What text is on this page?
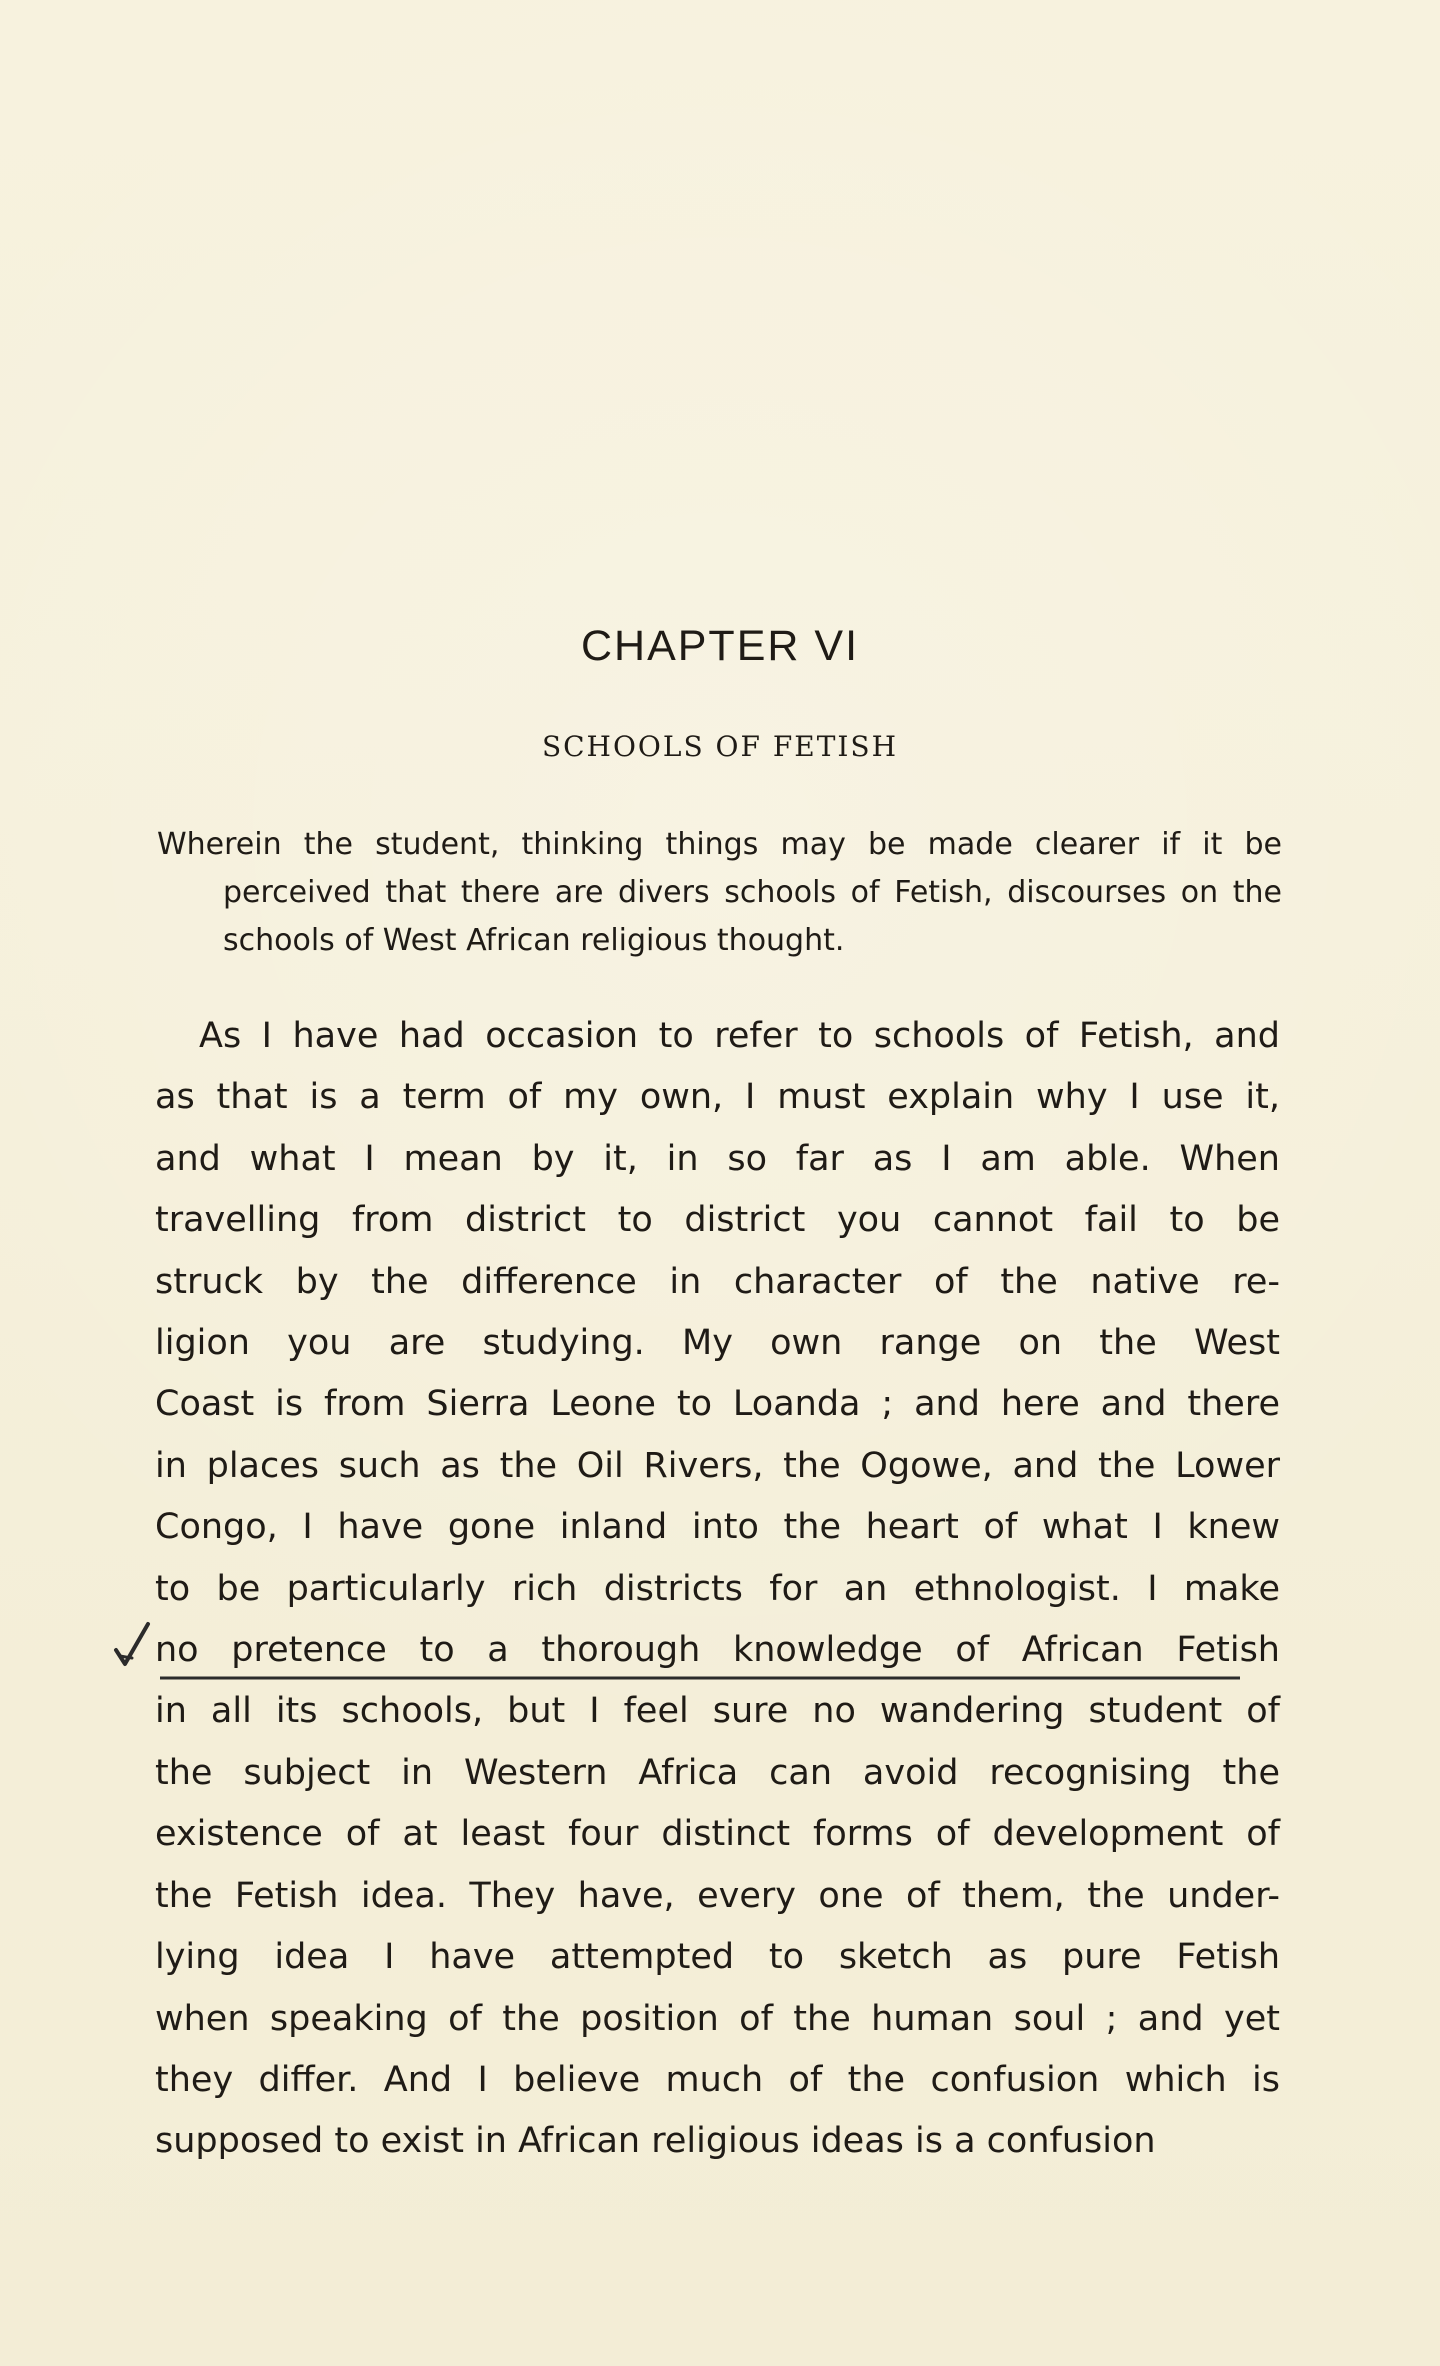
CHAPTER VI
SCHOOLS OF FETISH
Wherein the student, thinking things may be made clearer if it be
perceived that there are divers schools of Fetish, discourses on the
schools of West African religious thought.
As I have had occasion to refer to schools of Fetish, and
as that is a term of my own, I must explain why I use it,
and what I mean by it, in so far as I am able. When
travelling from district to district you cannot fail to be
struck by the difference in character of the native re-
ligion you are studying. My own range on the West
Coast is from Sierra Leone to Loanda ; and here and there
in places such as the Oil Rivers, the Ogowe, and the Lower
Congo, I have gone inland into the heart of what I knew
to be particularly rich districts for an ethnologist. I make
no pretence to a thorough knowledge of African Fetish
in all its schools, but I feel sure no wandering student of
the subject in Western Africa can avoid recognising the
existence of at least four distinct forms of development of
the Fetish idea. They have, every one of them, the under-
lying idea I have attempted to sketch as pure Fetish
when speaking of the position of the human soul ; and yet
they differ. And I believe much of the confusion which is
supposed to exist in African religious ideas is a confusion
